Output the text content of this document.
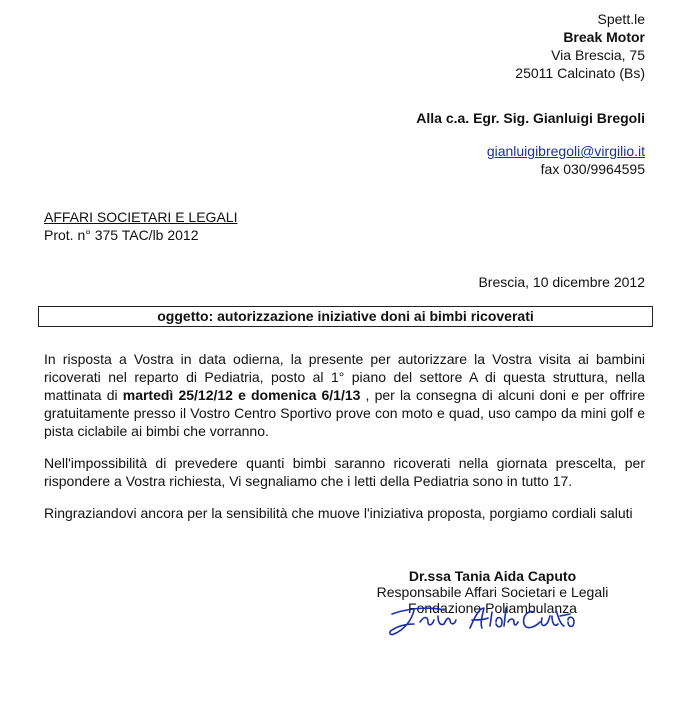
Spett.le
Break Motor
Via Brescia, 75
25011 Calcinato (Bs)
Alla c.a. Egr. Sig. Gianluigi Bregoli
gianluigibregoli@virgilio.it
fax 030/9964595
AFFARI SOCIETARI E LEGALI
Prot. n° 375 TAC/lb 2012
Brescia, 10 dicembre 2012
oggetto: autorizzazione iniziative doni ai bimbi ricoverati

In risposta a Vostra in data odierna, la presente per autorizzare la Vostra visita ai bambini ricoverati nel reparto di Pediatria, posto al 1° piano del settore A di questa struttura, nella mattinata di martedì 25/12/12 e domenica 6/1/13 , per la consegna di alcuni doni e per offrire gratuitamente presso il Vostro Centro Sportivo prove con moto e quad, uso campo da mini golf e pista ciclabile ai bimbi che vorranno.

Nell'impossibilità di prevedere quanti bimbi saranno ricoverati nella giornata prescelta, per rispondere a Vostra richiesta, Vi segnaliamo che i letti della Pediatria sono in tutto 17.

Ringraziandovi ancora per la sensibilità che muove l'iniziativa proposta, porgiamo cordiali saluti

Dr.ssa Tania Aida Caputo
Responsabile Affari Societari e Legali
Fondazione Poliambulanza
